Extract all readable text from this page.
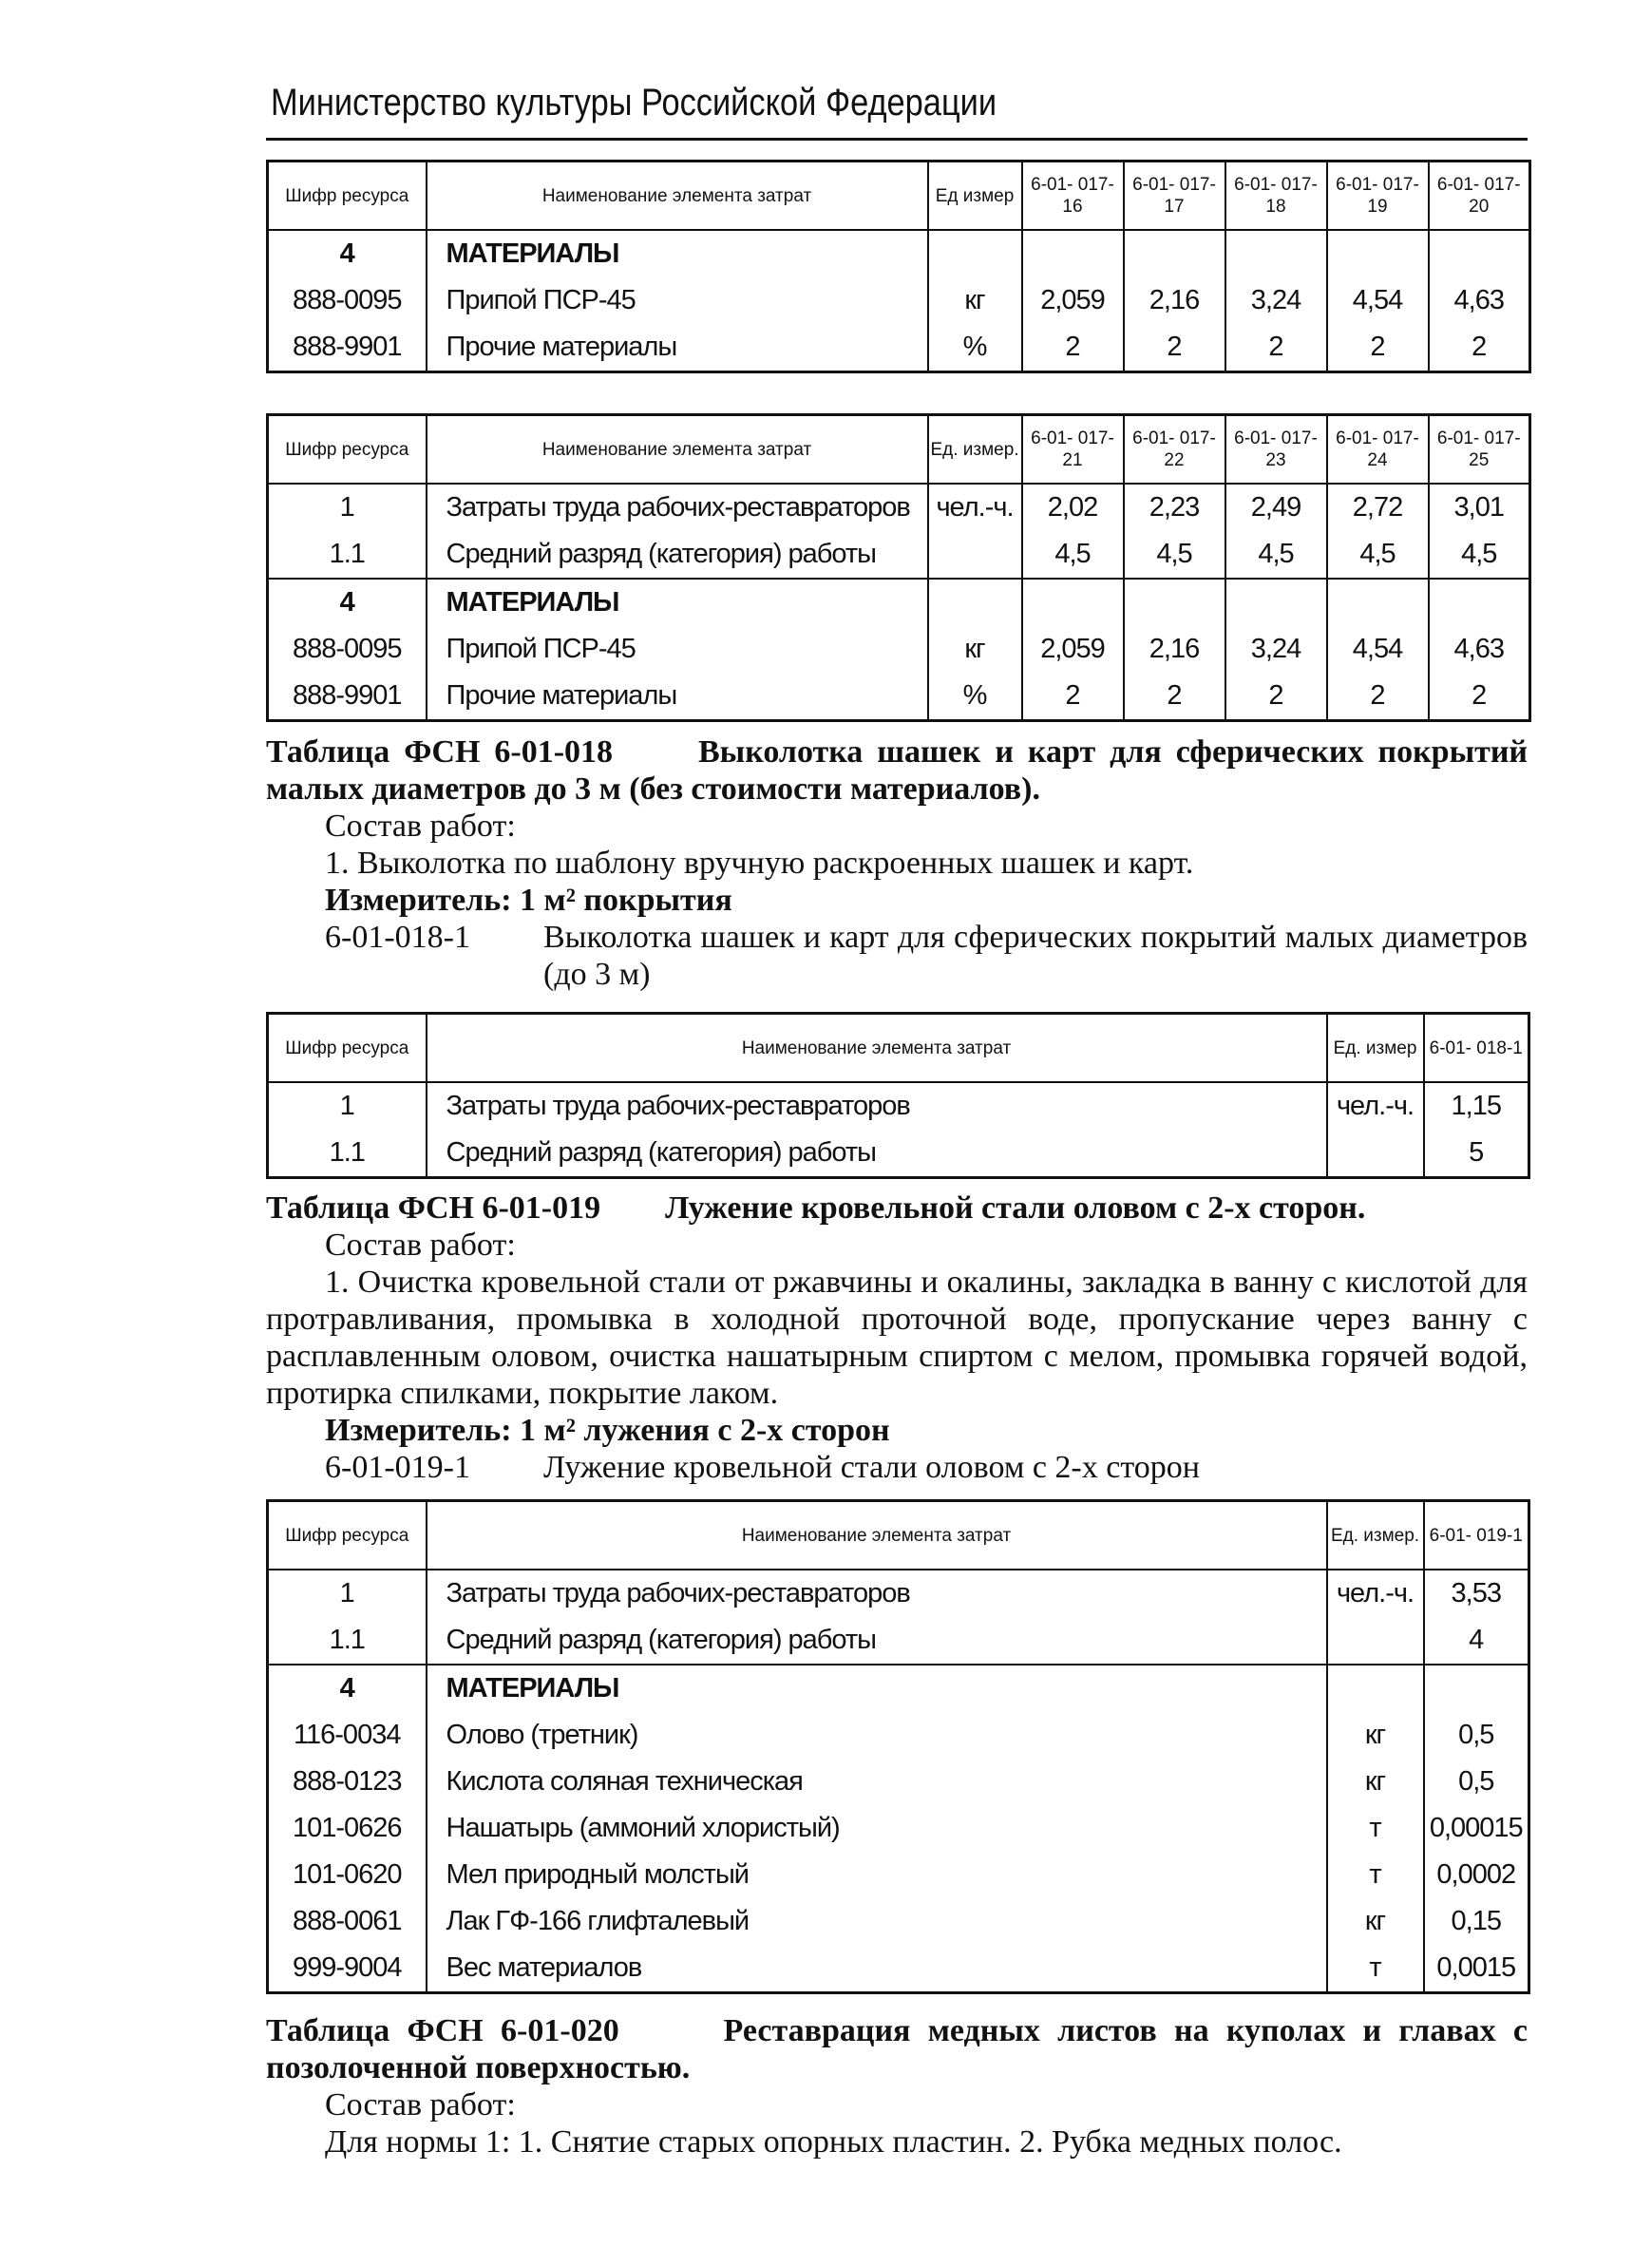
Министерство культуры Российской Федерации
Шифр ресурса	Наименование элемента затрат	Ед измер	6-01- 017-16	6-01- 017-17	6-01- 017-18	6-01- 017-19	6-01- 017-20
4	МАТЕРИАЛЫ						
888-0095	Припой ПСР-45	кг	2,059	2,16	3,24	4,54	4,63
888-9901	Прочие материалы	%	2	2	2	2	2
Шифр ресурса	Наименование элемента затрат	Ед. измер.	6-01- 017-21	6-01- 017-22	6-01- 017-23	6-01- 017-24	6-01- 017-25
1	Затраты труда рабочих-реставраторов	чел.-ч.	2,02	2,23	2,49	2,72	3,01
1.1	Средний разряд (категория) работы		4,5	4,5	4,5	4,5	4,5
4	МАТЕРИАЛЫ						
888-0095	Припой ПСР-45	кг	2,059	2,16	3,24	4,54	4,63
888-9901	Прочие материалы	%	2	2	2	2	2
Таблица ФСН 6-01-018	Выколотка шашек и карт для сферических покрытий малых диаметров до 3 м (без стоимости материалов).
Состав работ:
1. Выколотка по шаблону вручную раскроенных шашек и карт.
Измеритель: 1 м² покрытия
6-01-018-1	Выколотка шашек и карт для сферических покрытий малых диаметров (до 3 м)
Шифр ресурса	Наименование элемента затрат	Ед. измер	6-01- 018-1
1	Затраты труда рабочих-реставраторов	чел.-ч.	1,15
1.1	Средний разряд (категория) работы		5
Таблица ФСН 6-01-019 Лужение кровельной стали оловом с 2-х сторон.
Состав работ:
1. Очистка кровельной стали от ржавчины и окалины, закладка в ванну с кислотой для протравливания, промывка в холодной проточной воде, пропускание через ванну с расплавленным оловом, очистка нашатырным спиртом с мелом, промывка горячей водой, протирка спилками, покрытие лаком.
Измеритель: 1 м² лужения с 2-х сторон
6-01-019-1	Лужение кровельной стали оловом с 2-х сторон
Шифр ресурса	Наименование элемента затрат	Ед. измер.	6-01- 019-1
1	Затраты труда рабочих-реставраторов	чел.-ч.	3,53
1.1	Средний разряд (категория) работы		4
4	МАТЕРИАЛЫ		
116-0034	Олово (третник)	кг	0,5
888-0123	Кислота соляная техническая	кг	0,5
101-0626	Нашатырь (аммоний хлористый)	т	0,00015
101-0620	Мел природный молстый	т	0,0002
888-0061	Лак ГФ-166 глифталевый	кг	0,15
999-9004	Вес материалов	т	0,0015
Таблица ФСН 6-01-020	Реставрация медных листов на куполах и главах с позолоченной поверхностью.
Состав работ:
Для нормы 1: 1. Снятие старых опорных пластин. 2. Рубка медных полос.
